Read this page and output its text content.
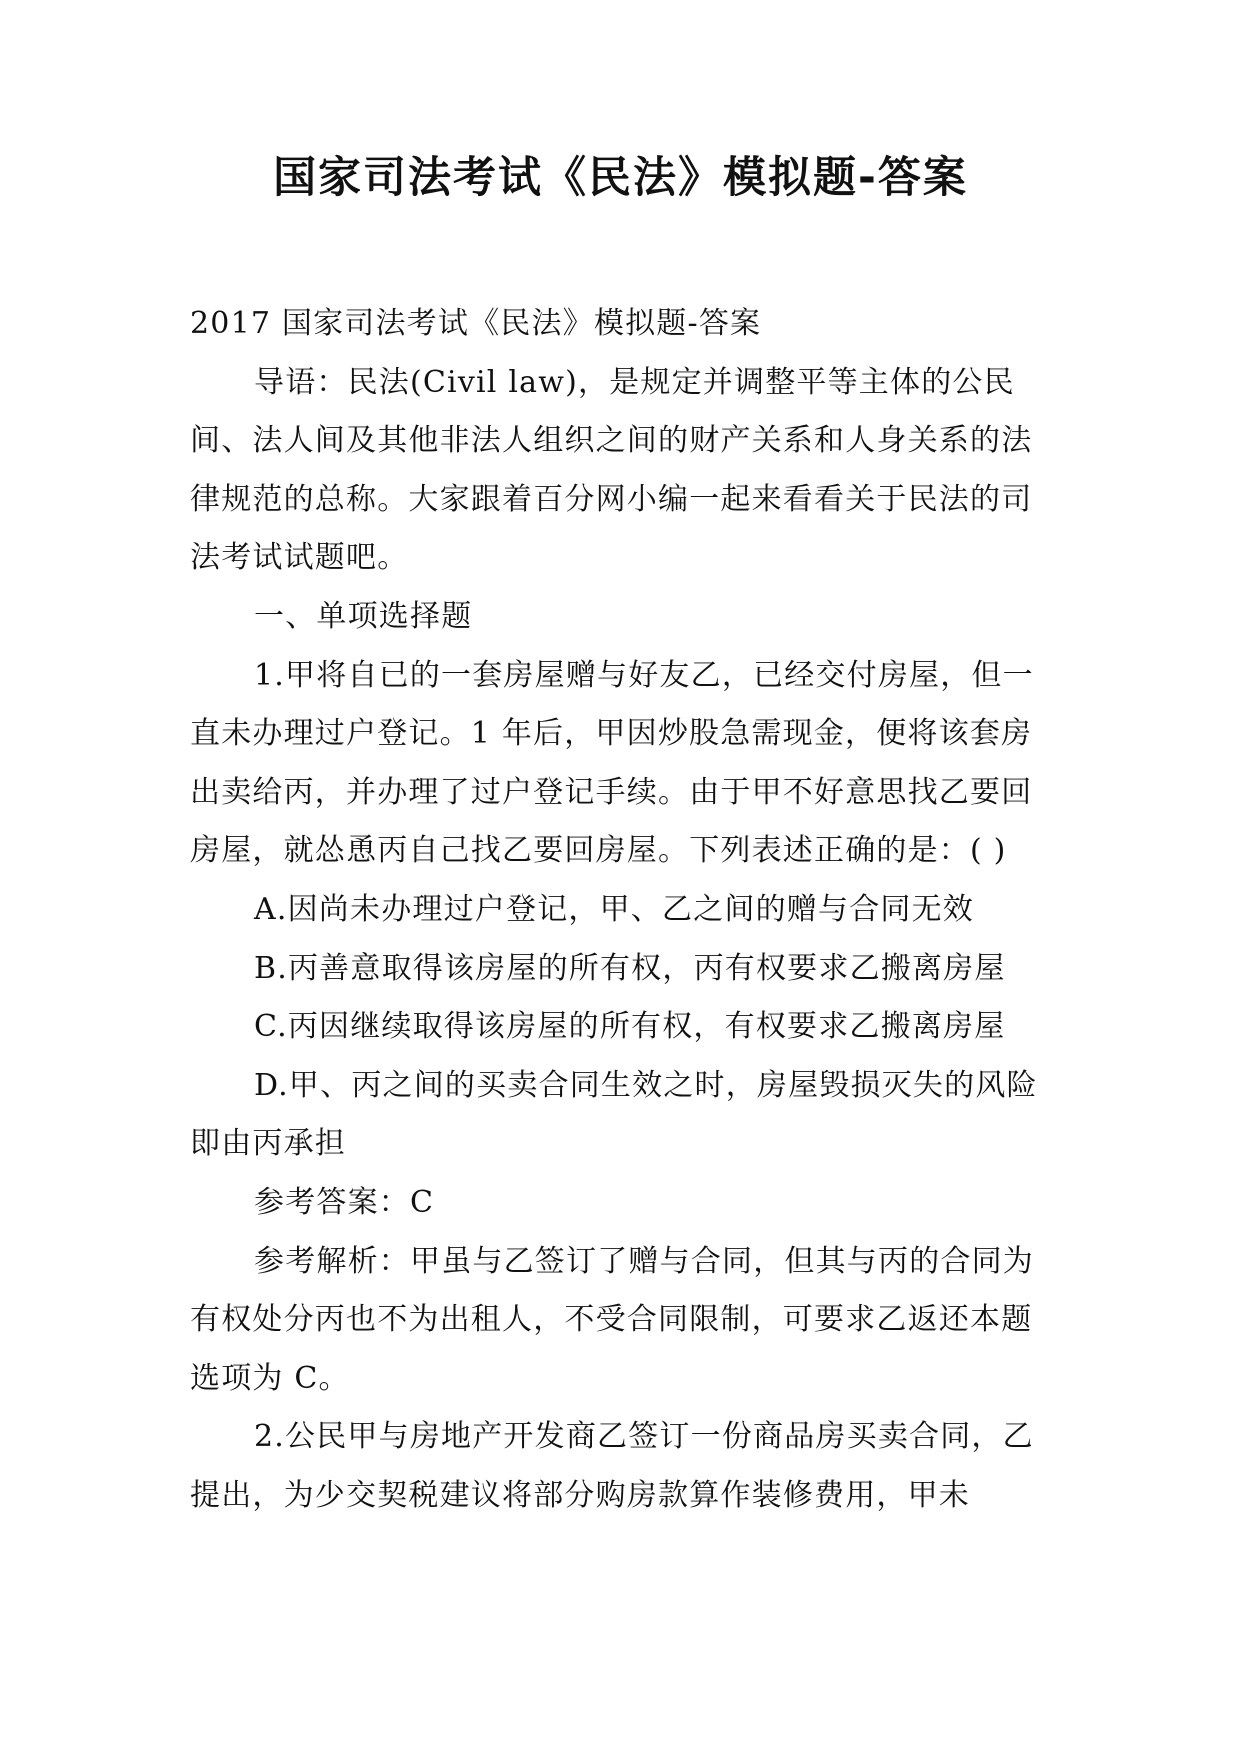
国家司法考试《民法》模拟题-答案

2017 国家司法考试《民法》模拟题-答案

导语：民法(Civil law)，是规定并调整平等主体的公民间、法人间及其他非法人组织之间的财产关系和人身关系的法律规范的总称。大家跟着百分网小编一起来看看关于民法的司法考试试题吧。

一、单项选择题

1.甲将自已的一套房屋赠与好友乙，已经交付房屋，但一直未办理过户登记。1 年后，甲因炒股急需现金，便将该套房出卖给丙，并办理了过户登记手续。由于甲不好意思找乙要回房屋，就怂恿丙自己找乙要回房屋。下列表述正确的是：( )

A.因尚未办理过户登记，甲、乙之间的赠与合同无效

B.丙善意取得该房屋的所有权，丙有权要求乙搬离房屋

C.丙因继续取得该房屋的所有权，有权要求乙搬离房屋

D.甲、丙之间的买卖合同生效之时，房屋毁损灭失的风险即由丙承担

参考答案：C

参考解析：甲虽与乙签订了赠与合同，但其与丙的合同为有权处分丙也不为出租人，不受合同限制，可要求乙返还本题选项为 C。

2.公民甲与房地产开发商乙签订一份商品房买卖合同，乙提出，为少交契税建议将部分购房款算作装修费用，甲未
